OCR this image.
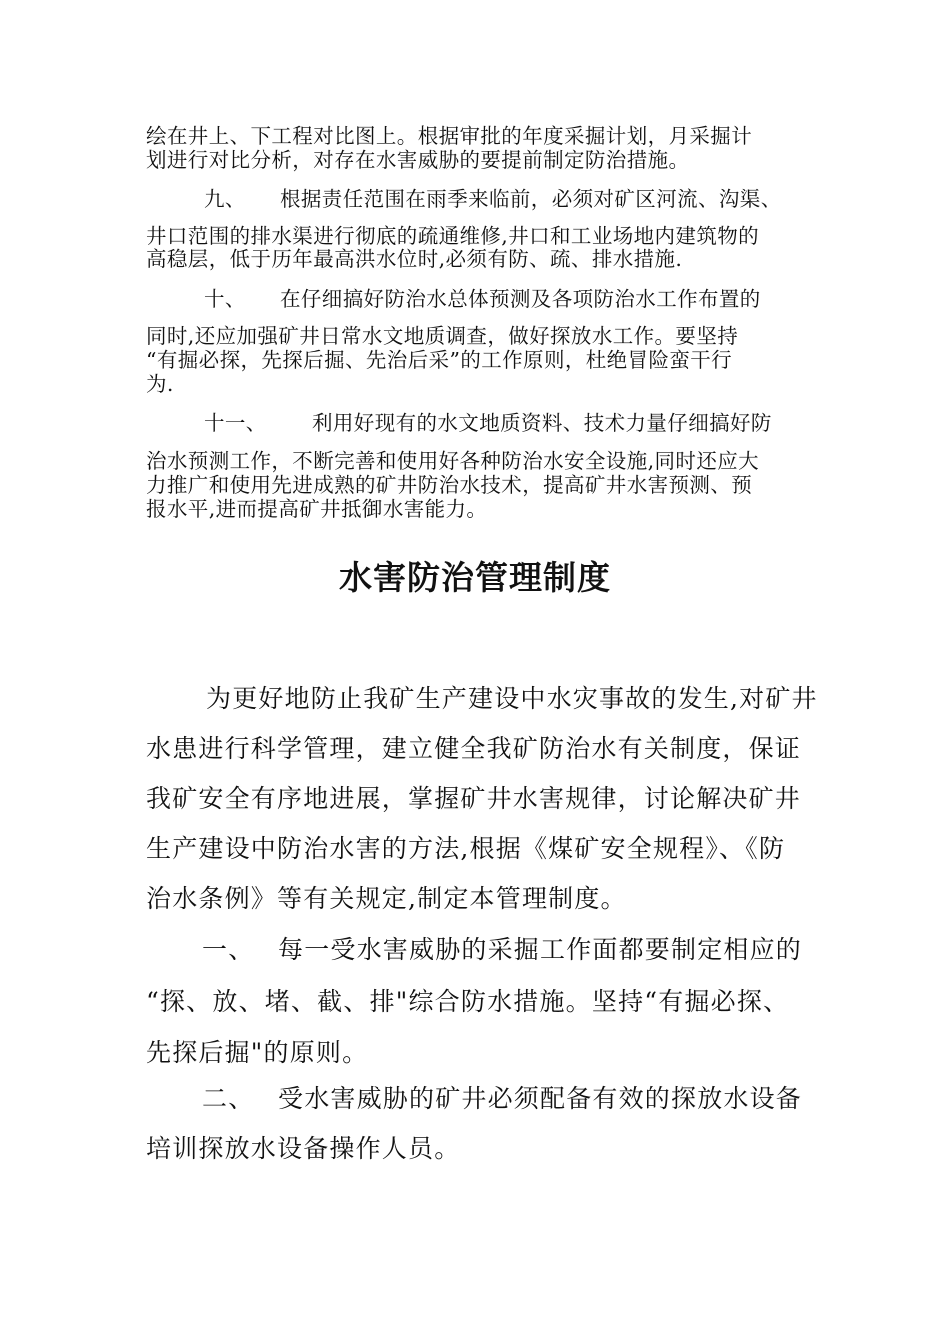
绘在井上、下工程对比图上。根据审批的年度采掘计划，月采掘计

划进行对比分析，对存在水害威胁的要提前制定防治措施。

九、 根据责任范围在雨季来临前，必须对矿区河流、沟渠、

井口范围的排水渠进行彻底的疏通维修,井口和工业场地内建筑物的

高稳层，低于历年最高洪水位时,必须有防、疏、排水措施.

十、 在仔细搞好防治水总体预测及各项防治水工作布置的

同时,还应加强矿井日常水文地质调查，做好探放水工作。要坚持

“有掘必探，先探后掘、先治后采”的工作原则，杜绝冒险蛮干行

为.

十一、 利用好现有的水文地质资料、技术力量仔细搞好防

治水预测工作，不断完善和使用好各种防治水安全设施,同时还应大

力推广和使用先进成熟的矿井防治水技术，提高矿井水害预测、预

报水平,进而提高矿井抵御水害能力。

水害防治管理制度

为更好地防止我矿生产建设中水灾事故的发生,对矿井

水患进行科学管理，建立健全我矿防治水有关制度，保证

我矿安全有序地进展，掌握矿井水害规律，讨论解决矿井

生产建设中防治水害的方法,根据《煤矿安全规程》、《防

治水条例》等有关规定,制定本管理制度。

一、 每一受水害威胁的采掘工作面都要制定相应的

“探、放、堵、截、排"综合防水措施。坚持“有掘必探、

先探后掘"的原则。

二、 受水害威胁的矿井必须配备有效的探放水设备

培训探放水设备操作人员。
